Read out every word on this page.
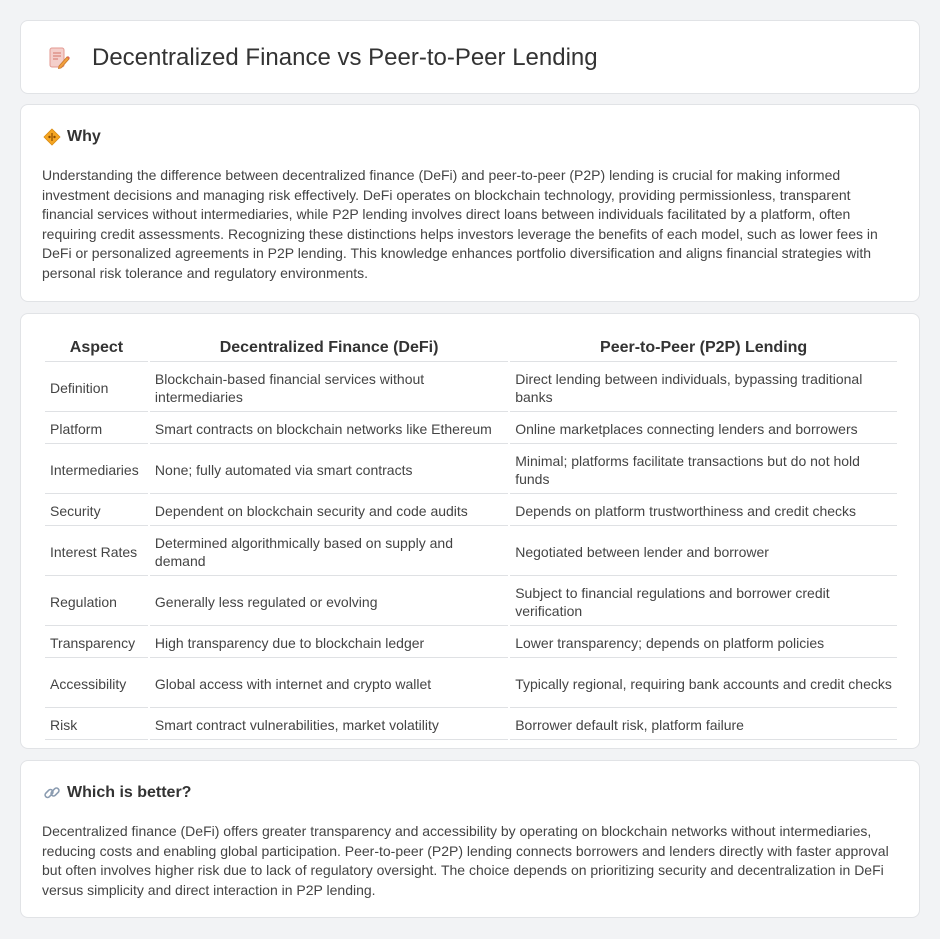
Decentralized Finance vs Peer-to-Peer Lending
Why

Understanding the difference between decentralized finance (DeFi) and peer-to-peer (P2P) lending is crucial for making informed investment decisions and managing risk effectively. DeFi operates on blockchain technology, providing permissionless, transparent financial services without intermediaries, while P2P lending involves direct loans between individuals facilitated by a platform, often requiring credit assessments. Recognizing these distinctions helps investors leverage the benefits of each model, such as lower fees in DeFi or personalized agreements in P2P lending. This knowledge enhances portfolio diversification and aligns financial strategies with personal risk tolerance and regulatory environments.

Aspect	Decentralized Finance (DeFi)	Peer-to-Peer (P2P) Lending
Definition	Blockchain-based financial services without intermediaries	Direct lending between individuals, bypassing traditional banks
Platform	Smart contracts on blockchain networks like Ethereum	Online marketplaces connecting lenders and borrowers
Intermediaries	None; fully automated via smart contracts	Minimal; platforms facilitate transactions but do not hold funds
Security	Dependent on blockchain security and code audits	Depends on platform trustworthiness and credit checks
Interest Rates	Determined algorithmically based on supply and demand	Negotiated between lender and borrower
Regulation	Generally less regulated or evolving	Subject to financial regulations and borrower credit verification
Transparency	High transparency due to blockchain ledger	Lower transparency; depends on platform policies
Accessibility	Global access with internet and crypto wallet	Typically regional, requiring bank accounts and credit checks
Risk	Smart contract vulnerabilities, market volatility	Borrower default risk, platform failure
Which is better?

Decentralized finance (DeFi) offers greater transparency and accessibility by operating on blockchain networks without intermediaries, reducing costs and enabling global participation. Peer-to-peer (P2P) lending connects borrowers and lenders directly with faster approval but often involves higher risk due to lack of regulatory oversight. The choice depends on prioritizing security and decentralization in DeFi versus simplicity and direct interaction in P2P lending.
